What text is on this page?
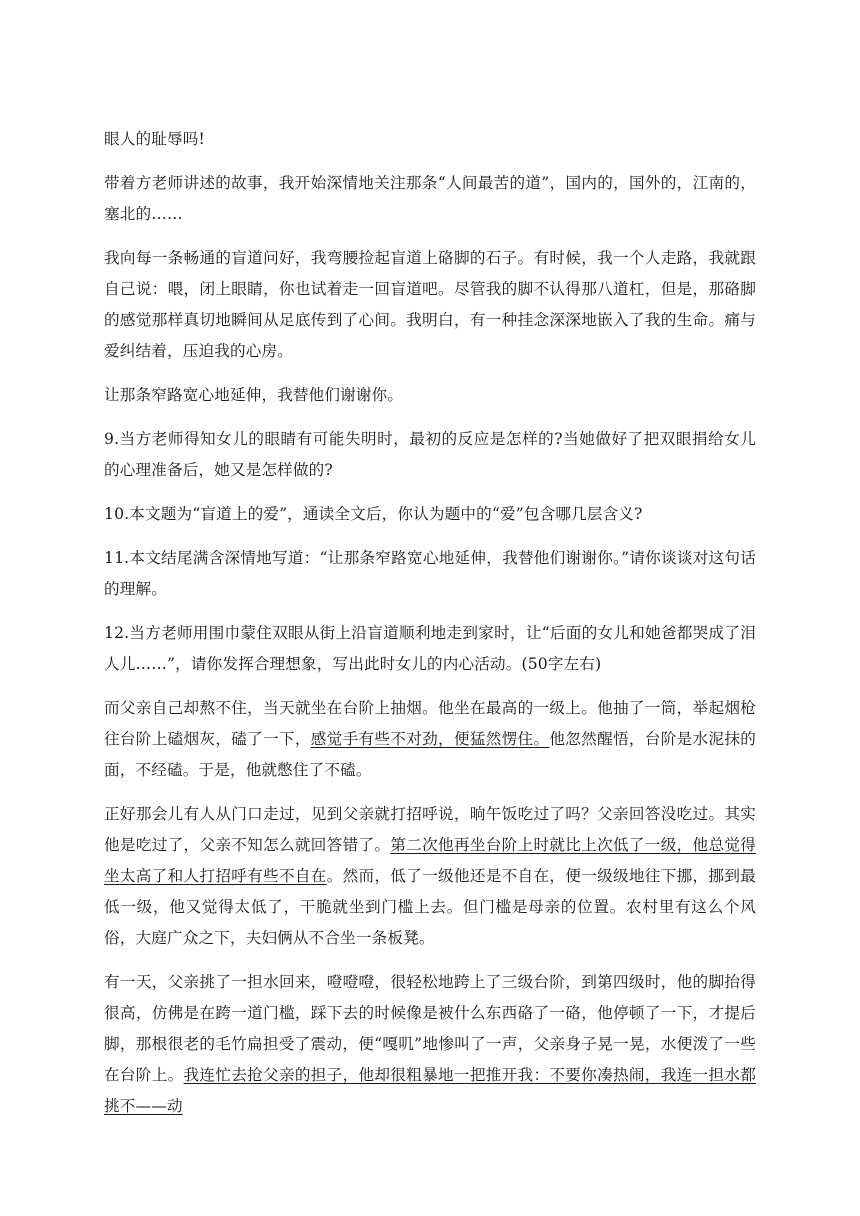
眼人的耻辱吗!

带着方老师讲述的故事，我开始深情地关注那条“人间最苦的道”，国内的，国外的，江南的，塞北的……

我向每一条畅通的盲道问好，我弯腰捡起盲道上硌脚的石子。有时候，我一个人走路，我就跟自己说：喂，闭上眼睛，你也试着走一回盲道吧。尽管我的脚不认得那八道杠，但是，那硌脚的感觉那样真切地瞬间从足底传到了心间。我明白，有一种挂念深深地嵌入了我的生命。痛与爱纠结着，压迫我的心房。

让那条窄路宽心地延伸，我替他们谢谢你。

9.当方老师得知女儿的眼睛有可能失明时，最初的反应是怎样的?当她做好了把双眼捐给女儿的心理准备后，她又是怎样做的?

10.本文题为“盲道上的爱”，通读全文后，你认为题中的“爱”包含哪几层含义?

11.本文结尾满含深情地写道：“让那条窄路宽心地延伸，我替他们谢谢你。”请你谈谈对这句话的理解。

12.当方老师用围巾蒙住双眼从街上沿盲道顺利地走到家时，让“后面的女儿和她爸都哭成了泪人儿……”，请你发挥合理想象，写出此时女儿的内心活动。(50字左右)

而父亲自己却熬不住，当天就坐在台阶上抽烟。他坐在最高的一级上。他抽了一筒，举起烟枪往台阶上磕烟灰，磕了一下，感觉手有些不对劲，便猛然愣住。他忽然醒悟，台阶是水泥抹的面，不经磕。于是，他就憋住了不磕。

正好那会儿有人从门口走过，见到父亲就打招呼说，晌午饭吃过了吗？父亲回答没吃过。其实他是吃过了，父亲不知怎么就回答错了。第二次他再坐台阶上时就比上次低了一级，他总觉得坐太高了和人打招呼有些不自在。然而，低了一级他还是不自在，便一级级地往下挪，挪到最低一级，他又觉得太低了，干脆就坐到门槛上去。但门槛是母亲的位置。农村里有这么个风俗，大庭广众之下，夫妇俩从不合坐一条板凳。

有一天，父亲挑了一担水回来，噔噔噔，很轻松地跨上了三级台阶，到第四级时，他的脚抬得很高，仿佛是在跨一道门槛，踩下去的时候像是被什么东西硌了一硌，他停顿了一下，才提后脚，那根很老的毛竹扁担受了震动，便“嘎叽”地惨叫了一声，父亲身子晃一晃，水便泼了一些在台阶上。我连忙去抢父亲的担子，他却很粗暴地一把推开我：不要你凑热闹，我连一担水都挑不——动
